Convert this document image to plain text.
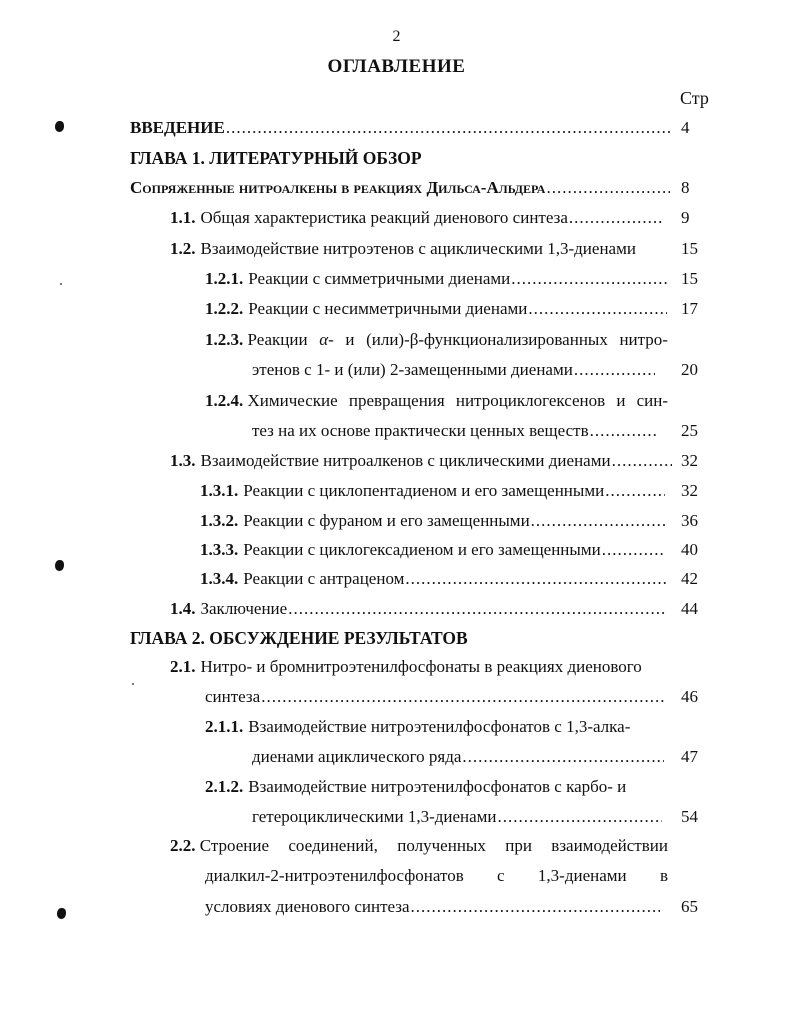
2
ОГЛАВЛЕНИЕ
Стр
ВВЕДЕНИЕ .....	4
ГЛАВА 1. ЛИТЕРАТУРНЫЙ ОБЗОР
Сопряженные нитроалкены в реакциях Дильса-Альдера .....	8
1.1. Общая характеристика реакций диенового синтеза .....	9
1.2. Взаимодействие нитроэтенов с ациклическими 1,3-диенами	15
1.2.1. Реакции с симметричными диенами .....	15
1.2.2. Реакции с несимметричными диенами .....	17
1.2.3. Реакции α- и (или)-β-функционализированных нитро-
этенов с 1- и (или) 2-замещенными диенами .....	20
1.2.4. Химические превращения нитроциклогексенов и син-
тез на их основе практически ценных веществ .....	25
1.3. Взаимодействие нитроалкенов с циклическими диенами .....	32
1.3.1. Реакции с циклопентадиеном и его замещенными .....	32
1.3.2. Реакции с фураном и его замещенными .....	36
1.3.3. Реакции с циклогексадиеном и его замещенными .....	40
1.3.4. Реакции с антраценом .....	42
1.4. Заключение .....	44
ГЛАВА 2. ОБСУЖДЕНИЕ РЕЗУЛЬТАТОВ
2.1. Нитро- и бромнитроэтенилфосфонаты в реакциях диенового
синтеза .....	46
2.1.1. Взаимодействие нитроэтенилфосфонатов с 1,3-алка-
диенами ациклического ряда .....	47
2.1.2. Взаимодействие нитроэтенилфосфонатов с карбо- и
гетероциклическими 1,3-диенами .....	54
2.2. Строение соединений, полученных при взаимодействии
диалкил-2-нитроэтенилфосфонатов с 1,3-диенами в
условиях диенового синтеза .....	65
